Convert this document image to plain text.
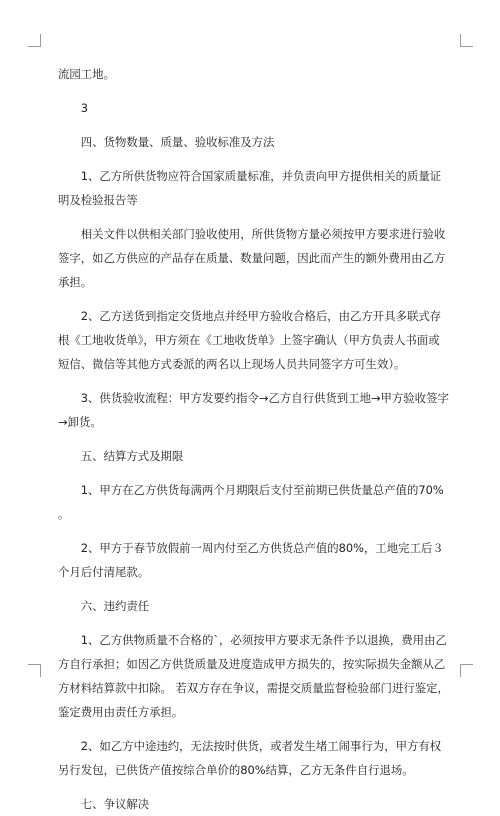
流园工地。

3

四、货物数量、质量、验收标准及方法

1、乙方所供货物应符合国家质量标准，并负责向甲方提供相关的质量证明及检验报告等

相关文件以供相关部门验收使用，所供货物方量必须按甲方要求进行验收签字，如乙方供应的产品存在质量、数量问题，因此而产生的额外费用由乙方承担。

2、乙方送货到指定交货地点并经甲方验收合格后，由乙方开具多联式存根《工地收货单》，甲方须在《工地收货单》上签字确认（甲方负责人书面或短信、微信等其他方式委派的两名以上现场人员共同签字方可生效）。

3、供货验收流程：甲方发要约指令→乙方自行供货到工地→甲方验收签字→卸货。

五、结算方式及期限

1、甲方在乙方供货每满两个月期限后支付至前期已供货量总产值的70%。

2、甲方于春节放假前一周内付至乙方供货总产值的80%，工地完工后３个月后付清尾款。

六、违约责任

1、乙方供物质量不合格的`，必须按甲方要求无条件予以退换，费用由乙方自行承担；如因乙方供货质量及进度造成甲方损失的，按实际损失金额从乙方材料结算款中扣除。 若双方存在争议，需提交质量监督检验部门进行鉴定，鉴定费用由责任方承担。

2、如乙方中途违约，无法按时供货，或者发生堵工闹事行为，甲方有权另行发包，已供货产值按综合单价的80%结算，乙方无条件自行退场。

七、争议解决
